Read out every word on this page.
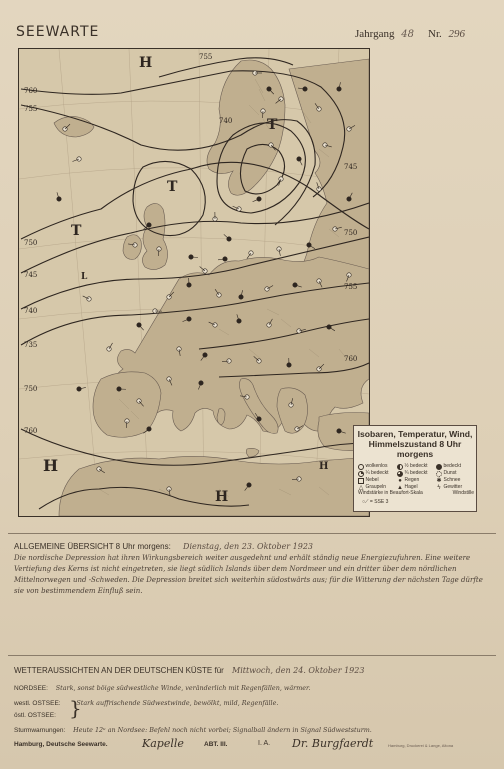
SEEWARTE	Jahrgang 48 Nr. 296
760
755
750
745
740
735
750
760
755
740
745
750
755
760
H
H
T
T
T
L
H
H
Isobaren, Temperatur, Wind,
Himmelszustand 8 Uhr morgens
wolkenlos	½ bedeckt	bedeckt
¼ bedeckt	¾ bedeckt	Dunst
Nebel	● Regen	✱ Schnee
△ Graupeln ▲ Hagel	ϟ Gewitter
Windstärke in Beaufort-Skala	Windstille
○⟋ = SSE 3
ALLGEMEINE ÜBERSICHT 8 Uhr morgens: Dienstag, den 23. Oktober 1923
Die nordische Depression hat ihren Wirkungsbereich weiter ausgedehnt und erhält ständig neue Energiezufuhren. Eine weitere Vertiefung des Kerns ist nicht eingetreten, sie liegt südlich Islands über dem Nordmeer und ein dritter über dem nördlichen Mittelnorwegen und -Schweden. Die Depression breitet sich weiterhin südostwärts aus; für die Witterung der nächsten Tage dürfte sie von bestimmendem Einfluß sein.
WETTERAUSSICHTEN AN DER DEUTSCHEN KÜSTE für Mittwoch, den 24. Oktober 1923
NORDSEE: Stark, sonst böige südwestliche Winde, veränderlich mit Regenfällen, wärmer.
westl. OSTSEE: Stark auffrischende Südwestwinde, bewölkt, mild, Regenfälle.
}
östl. OSTSEE:
Sturmwarnungen: Heute 12ᵘ an Nordsee: Befehl noch nicht vorbei; Signalball ändern in Signal Südweststurm.
Hamburg, Deutsche Seewarte.	Kapelle	ABT. III.	I. A. Dr. Burgfaerdt	Hamburg, Druckerei & Lange, Altona
